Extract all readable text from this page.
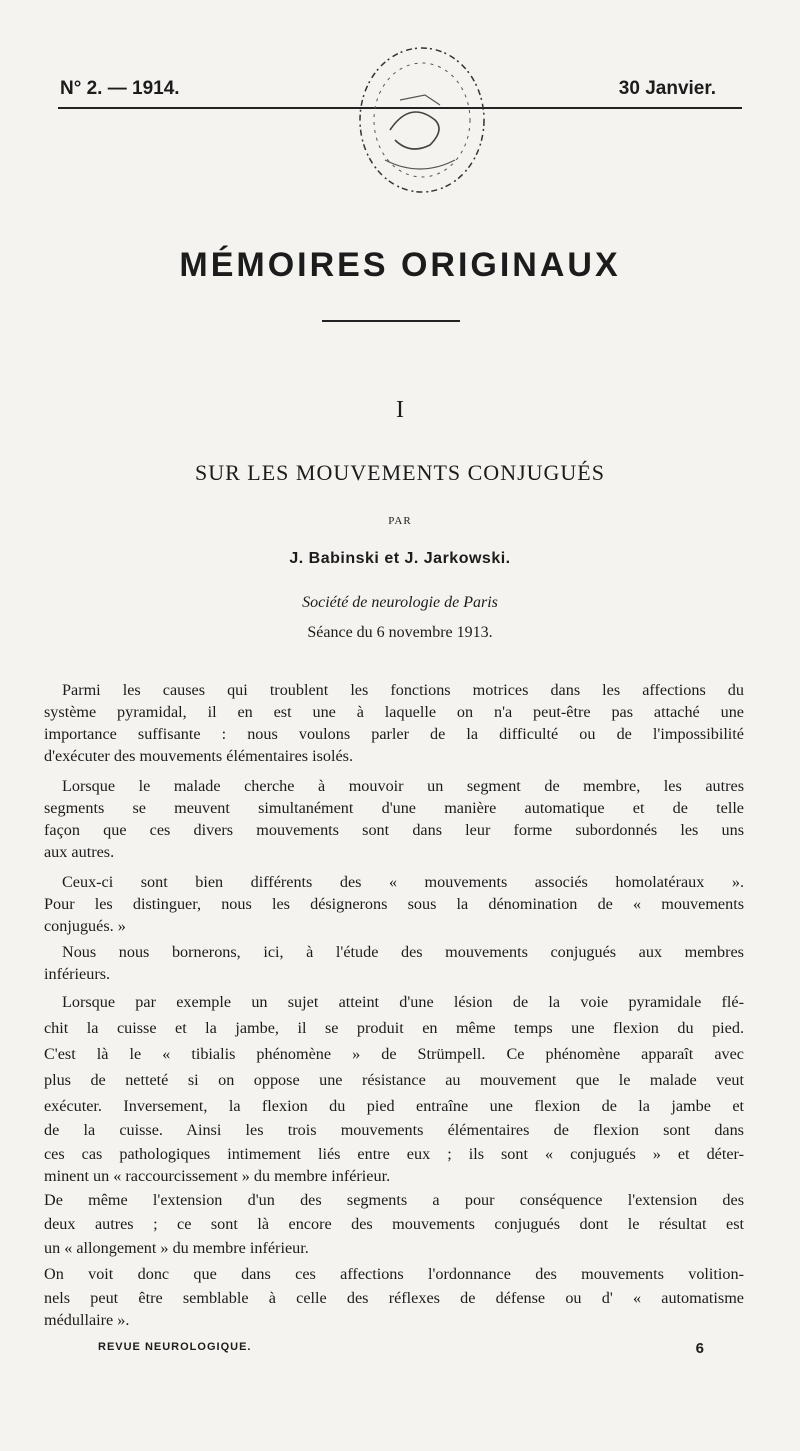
N° 2. — 1914.	30 Janvier.
MÉMOIRES ORIGINAUX
I
SUR LES MOUVEMENTS CONJUGUÉS
PAR
J. Babinski et J. Jarkowski.
Société de neurologie de Paris
Séance du 6 novembre 1913.
Parmi les causes qui troublent les fonctions motrices dans les affections du
système pyramidal, il en est une à laquelle on n'a peut-être pas attaché une
importance suffisante : nous voulons parler de la difficulté ou de l'impossibilité
d'exécuter des mouvements élémentaires isolés.
Lorsque le malade cherche à mouvoir un segment de membre, les autres
segments se meuvent simultanément d'une manière automatique et de telle
façon que ces divers mouvements sont dans leur forme subordonnés les uns
aux autres.
Ceux-ci sont bien différents des « mouvements associés homolatéraux ».
Pour les distinguer, nous les désignerons sous la dénomination de « mouvements
conjugués. »
Nous nous bornerons, ici, à l'étude des mouvements conjugués aux membres
inférieurs.
Lorsque par exemple un sujet atteint d'une lésion de la voie pyramidale flé-
chit la cuisse et la jambe, il se produit en même temps une flexion du pied.
C'est là le « tibialis phénomène » de Strümpell. Ce phénomène apparaît avec
plus de netteté si on oppose une résistance au mouvement que le malade veut
exécuter. Inversement, la flexion du pied entraîne une flexion de la jambe et
de la cuisse. Ainsi les trois mouvements élémentaires de flexion sont dans
ces cas pathologiques intimement liés entre eux ; ils sont « conjugués » et déter-
minent un « raccourcissement » du membre inférieur.
De même l'extension d'un des segments a pour conséquence l'extension des
deux autres ; ce sont là encore des mouvements conjugués dont le résultat est
un « allongement » du membre inférieur.
On voit donc que dans ces affections l'ordonnance des mouvements volition-
nels peut être semblable à celle des réflexes de défense ou d' « automatisme
médullaire ».
REVUE NEUROLOGIQUE.	6
